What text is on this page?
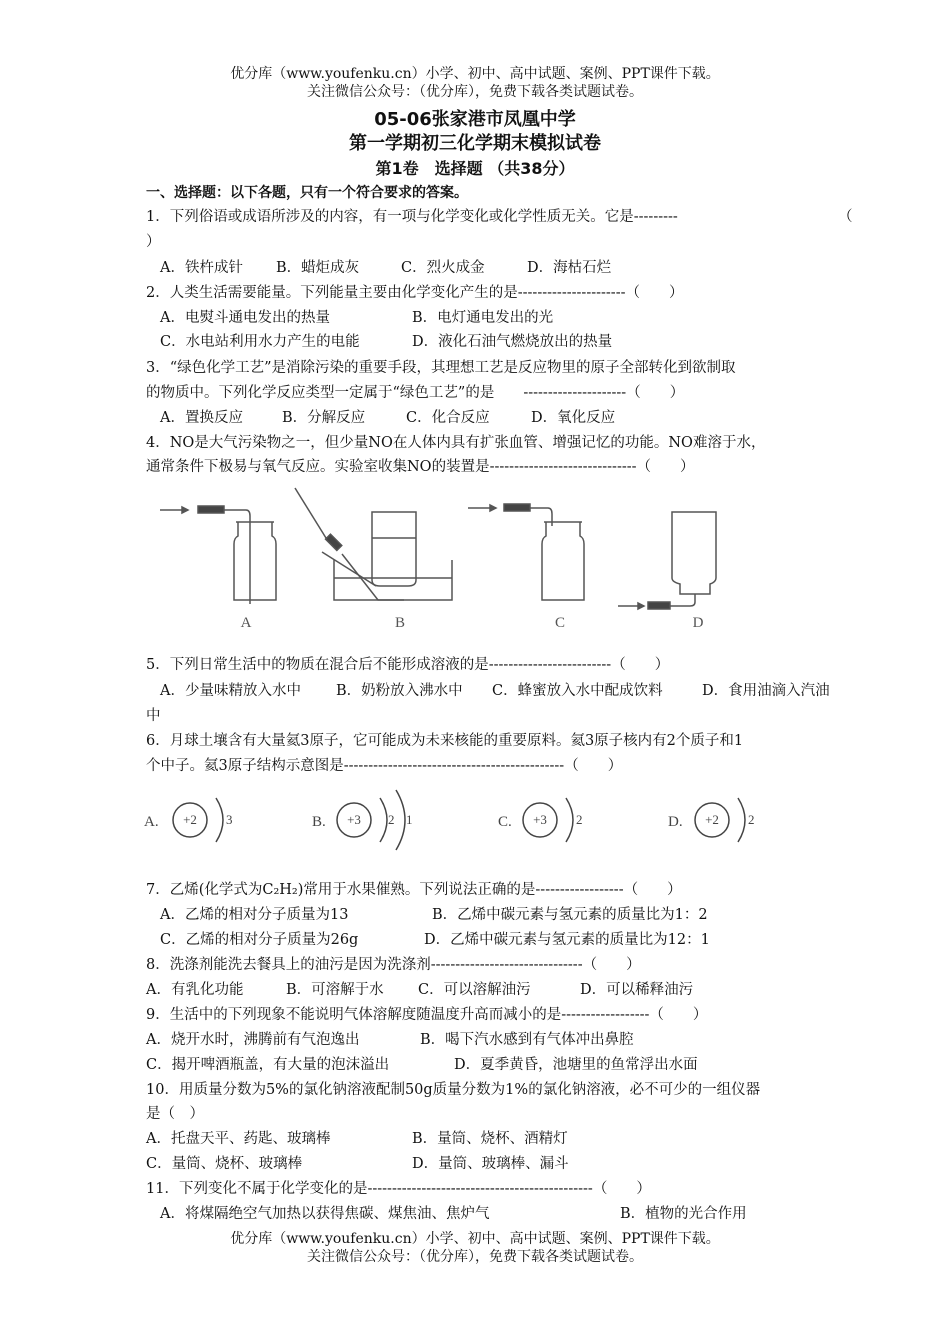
优分库（www.youfenku.cn）小学、初中、高中试题、案例、PPT课件下载。
关注微信公众号：（优分库），免费下载各类试题试卷。
05-06张家港市凤凰中学
第一学期初三化学期末模拟试卷
第1卷　选择题 （共38分）
一、选择题：以下各题，只有一个符合要求的答案。
1．下列俗语或成语所涉及的内容，有一项与化学变化或化学性质无关。它是---------	（
）
A．铁杵成针 B．蜡炬成灰	C．烈火成金	D．海枯石烂
2．人类生活需要能量。下列能量主要由化学变化产生的是----------------------（　　）
A．电熨斗通电发出的热量	B．电灯通电发出的光
C．水电站利用水力产生的电能	D．液化石油气燃烧放出的热量
3．“绿色化学工艺”是消除污染的重要手段，其理想工艺是反应物里的原子全部转化到欲制取
的物质中。下列化学反应类型一定属于“绿色工艺”的是　　---------------------（　　）
A．置换反应	B．分解反应	C．化合反应	D．氧化反应
4．NO是大气污染物之一，但少量NO在人体内具有扩张血管、增强记忆的功能。NO难溶于水，
通常条件下极易与氧气反应。实验室收集NO的装置是------------------------------（　　）
A	B	C	D
5．下列日常生活中的物质在混合后不能形成溶液的是-------------------------（　　）
A．少量味精放入水中 B．奶粉放入沸水中 C．蜂蜜放入水中配成饮料	D．食用油滴入汽油
中
6．月球土壤含有大量氦3原子，它可能成为未来核能的重要原料。氦3原子核内有2个质子和1
个中子。氦3原子结构示意图是---------------------------------------------（　　）
A. +2 3	B. +3 2 1	C. +3 2	D. +2 2
7．乙烯(化学式为C₂H₂)常用于水果催熟。下列说法正确的是------------------（　　）
A．乙烯的相对分子质量为13	B．乙烯中碳元素与氢元素的质量比为1：2
C．乙烯的相对分子质量为26g	D．乙烯中碳元素与氢元素的质量比为12：1
8．洗涤剂能洗去餐具上的油污是因为洗涤剂-------------------------------（　　）
A．有乳化功能	B．可溶解于水 C．可以溶解油污	D．可以稀释油污
9．生活中的下列现象不能说明气体溶解度随温度升高而减小的是------------------（　　）
A．烧开水时，沸腾前有气泡逸出	B．喝下汽水感到有气体冲出鼻腔
C．揭开啤酒瓶盖，有大量的泡沫溢出	D．夏季黄昏，池塘里的鱼常浮出水面
10．用质量分数为5%的氯化钠溶液配制50g质量分数为1%的氯化钠溶液，必不可少的一组仪器
是（　）
A．托盘天平、药匙、玻璃棒	B．量筒、烧杯、酒精灯
C．量筒、烧杯、玻璃棒	D．量筒、玻璃棒、漏斗
11．下列变化不属于化学变化的是----------------------------------------------（　　）
A．将煤隔绝空气加热以获得焦碳、煤焦油、焦炉气	B．植物的光合作用
优分库（www.youfenku.cn）小学、初中、高中试题、案例、PPT课件下载。
关注微信公众号：（优分库），免费下载各类试题试卷。
